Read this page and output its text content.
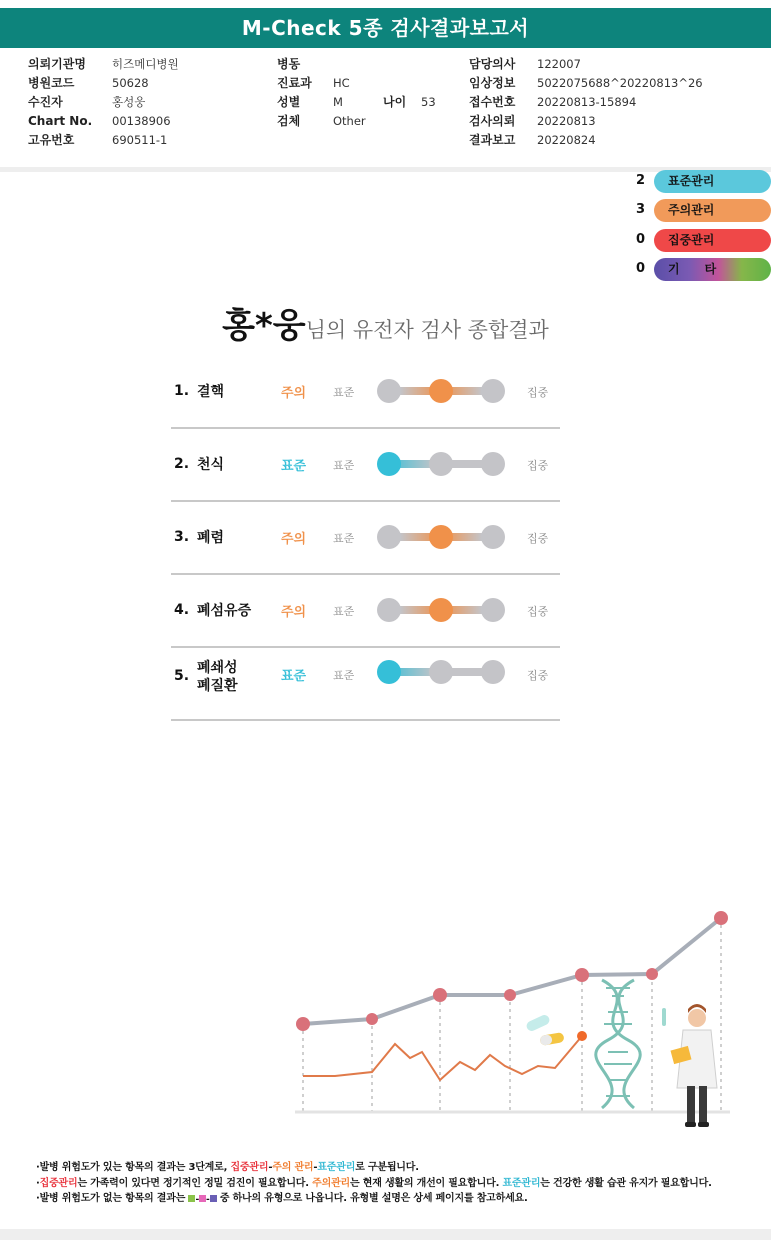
M-Check 5종 검사결과보고서
의뢰기관명 히즈메디병원
병원코드	50628
수진자	홍성웅
Chart No. 00138906
고유번호	690511-1
병동
진료과 HC
성별	M	나이 53
검체	Other
담당의사 122007
임상정보 5022075688^20220813^26
접수번호 20220813-15894
검사의뢰 20220813
결과보고 20220824
2	표준관리
3	주의관리
0	집중관리
0	기      타
홍*웅님의 유전자 검사 종합결과
1. 결핵	주의 표준	집중
2. 천식	표준 표준	집중
3. 폐렴	주의 표준	집중
4. 폐섬유증 주의 표준	집중
5. 폐쇄성
폐질환
표준 표준	집중
·발병 위험도가 있는 항목의 결과는 3단계로, 집중관리-주의 관리-표준관리로 구분됩니다.
·집중관리는 가족력이 있다면 정기적인 정밀 검진이 필요합니다. 주의관리는 현재 생활의 개선이 필요합니다. 표준관리는 건강한 생활 습관 유지가 필요합니다.
·발병 위험도가 없는 항목의 결과는 - - 중 하나의 유형으로 나옵니다. 유형별 설명은 상세 페이지를 참고하세요.
